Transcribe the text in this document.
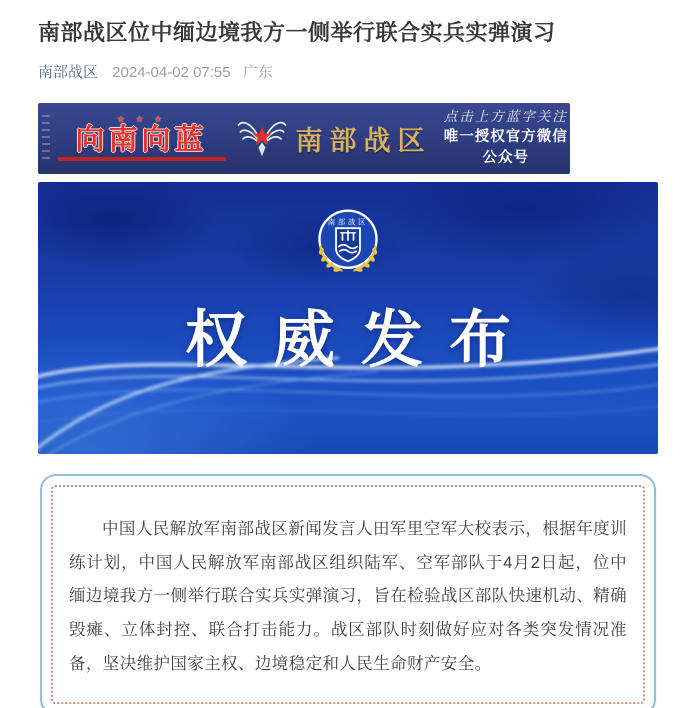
南部战区位中缅边境我方一侧举行联合实兵实弹演习
南部战区 2024-04-02 07:55 广东
★ ★ ★
向南向蓝	南部战区
点击上方蓝字关注
唯一授权官方微信公众号
南部战区
权威发布

中国人民解放军南部战区新闻发言人田军里空军大校表示，根据年度训练计划，中国人民解放军南部战区组织陆军、空军部队于4月2日起，位中缅边境我方一侧举行联合实兵实弹演习，旨在检验战区部队快速机动、精确毁瘫、立体封控、联合打击能力。战区部队时刻做好应对各类突发情况准备，坚决维护国家主权、边境稳定和人民生命财产安全。
